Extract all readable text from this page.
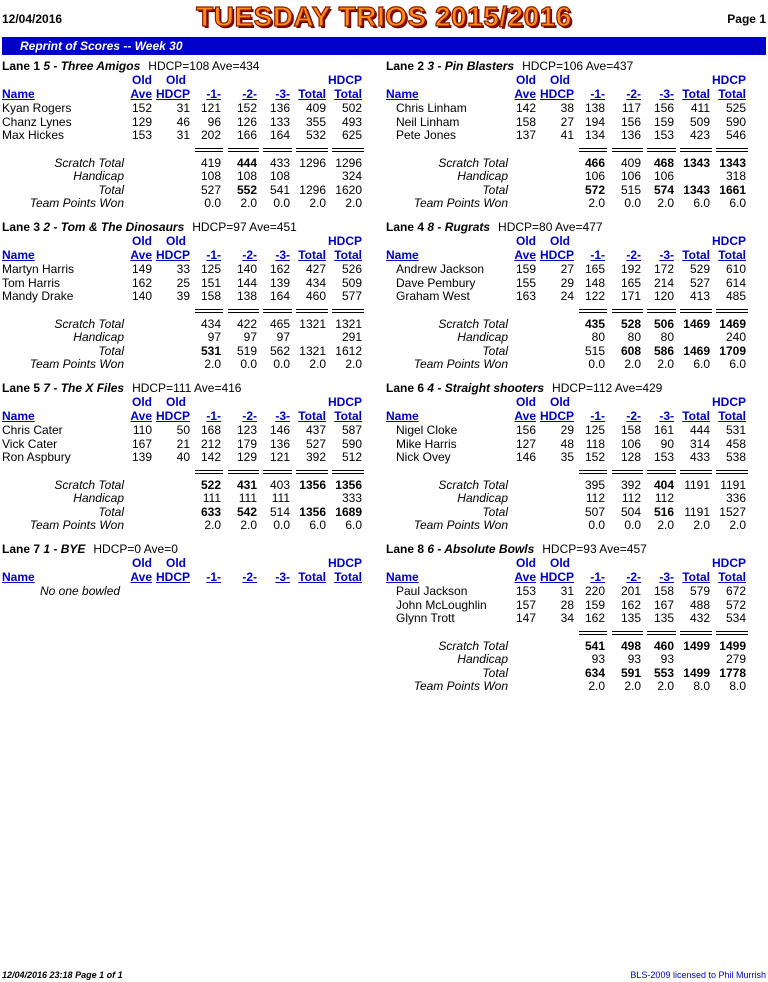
12/04/2016	TUESDAY TRIOS 2015/2016	Page 1
Reprint of Scores -- Week 30
Lane 1 5 - Three Amigos HDCP=108 Ave=434
Old Old	HDCP
Name	Ave HDCP -1- -2- -3- Total Total
Kyan Rogers	152 31 121 152 136 409 502
Chanz Lynes	129 46 96 126 133 355 493
Max Hickes	153 31 202 166 164 532 625
Scratch Total	419 444 433 1296 1296
Handicap	108 108 108	324
Total	527 552 541 1296 1620
Team Points Won	0.0 2.0 0.0 2.0 2.0
Lane 2 3 - Pin Blasters HDCP=106 Ave=437
Old Old	HDCP
Name	Ave HDCP -1- -2- -3- Total Total
Chris Linham	142 38 138 117 156 411 525
Neil Linham	158 27 194 156 159 509 590
Pete Jones	137 41 134 136 153 423 546
Scratch Total	466 409 468 1343 1343
Handicap	106 106 106	318
Total	572 515 574 1343 1661
Team Points Won	2.0 0.0 2.0 6.0 6.0
Lane 3 2 - Tom & The Dinosaurs HDCP=97 Ave=451
Old Old	HDCP
Name	Ave HDCP -1- -2- -3- Total Total
Martyn Harris	149 33 125 140 162 427 526
Tom Harris	162 25 151 144 139 434 509
Mandy Drake	140 39 158 138 164 460 577
Scratch Total	434 422 465 1321 1321
Handicap	97 97 97	291
Total	531 519 562 1321 1612
Team Points Won	2.0 0.0 0.0 2.0 2.0
Lane 4 8 - Rugrats HDCP=80 Ave=477
Old Old	HDCP
Name	Ave HDCP -1- -2- -3- Total Total
Andrew Jackson	159 27 165 192 172 529 610
Dave Pembury	155 29 148 165 214 527 614
Graham West	163 24 122 171 120 413 485
Scratch Total	435 528 506 1469 1469
Handicap	80 80 80	240
Total	515 608 586 1469 1709
Team Points Won	0.0 2.0 2.0 6.0 6.0
Lane 5 7 - The X Files HDCP=111 Ave=416
Old Old	HDCP
Name	Ave HDCP -1- -2- -3- Total Total
Chris Cater	110 50 168 123 146 437 587
Vick Cater	167 21 212 179 136 527 590
Ron Aspbury	139 40 142 129 121 392 512
Scratch Total	522 431 403 1356 1356
Handicap	111 111 111	333
Total	633 542 514 1356 1689
Team Points Won	2.0 2.0 0.0 6.0 6.0
Lane 6 4 - Straight shooters HDCP=112 Ave=429
Old Old	HDCP
Name	Ave HDCP -1- -2- -3- Total Total
Nigel Cloke	156 29 125 158 161 444 531
Mike Harris	127 48 118 106 90 314 458
Nick Ovey	146 35 152 128 153 433 538
Scratch Total	395 392 404 1191 1191
Handicap	112 112 112	336
Total	507 504 516 1191 1527
Team Points Won	0.0 0.0 2.0 2.0 2.0
Lane 7 1 - BYE HDCP=0 Ave=0
Old Old	HDCP
Name	Ave HDCP -1- -2- -3- Total Total
No one bowled
Lane 8 6 - Absolute Bowls HDCP=93 Ave=457
Old Old	HDCP
Name	Ave HDCP -1- -2- -3- Total Total
Paul Jackson	153 31 220 201 158 579 672
John McLoughlin 157 28 159 162 167 488 572
Glynn Trott	147 34 162 135 135 432 534
Scratch Total	541 498 460 1499 1499
Handicap	93 93 93	279
Total	634 591 553 1499 1778
Team Points Won	2.0 2.0 2.0 8.0 8.0
12/04/2016 23:18 Page 1 of 1	BLS-2009 licensed to Phil Murrish
